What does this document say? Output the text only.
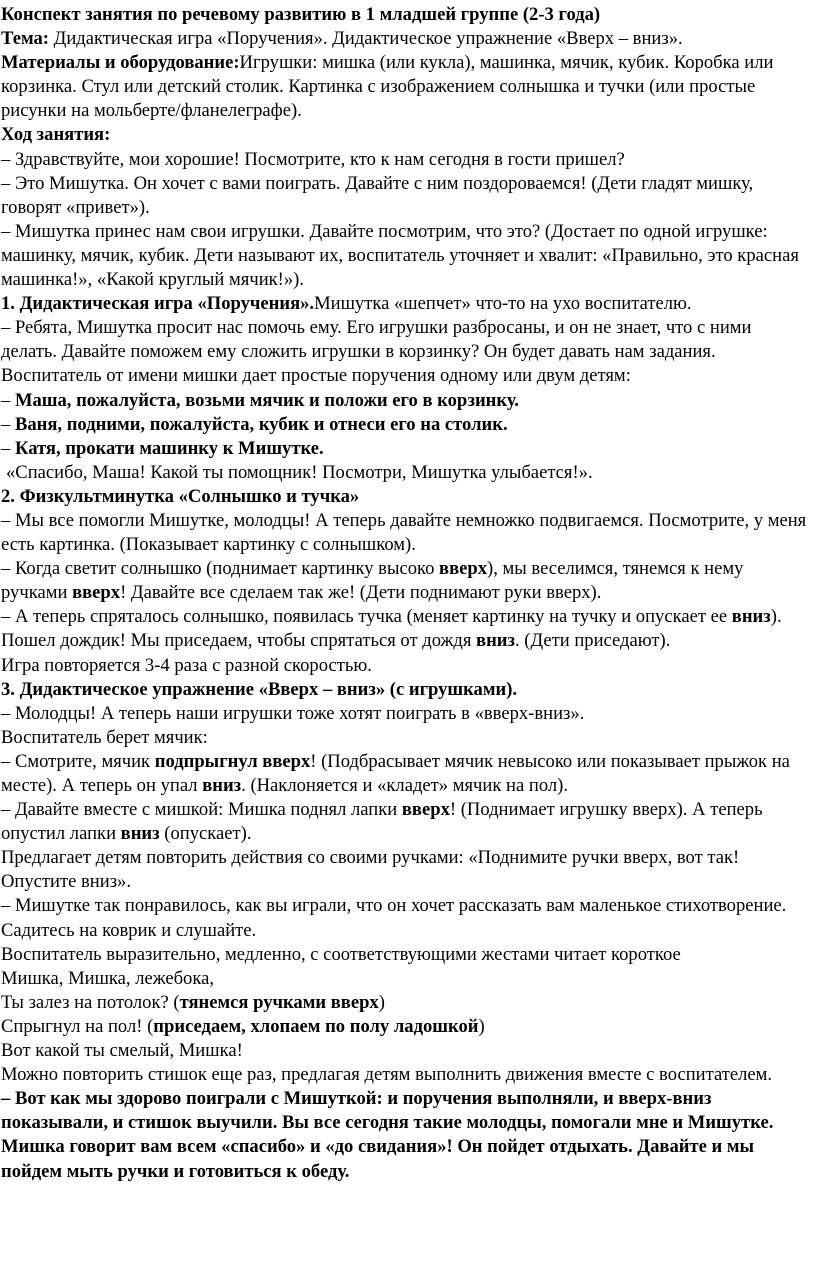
Конспект занятия по речевому развитию в 1 младшей группе (2-3 года)

Тема: Дидактическая игра «Поручения». Дидактическое упражнение «Вверх – вниз».

Материалы и оборудование:Игрушки: мишка (или кукла), машинка, мячик, кубик. Коробка или корзинка. Стул или детский столик. Картинка с изображением солнышка и тучки (или простые рисунки на мольберте/фланелеграфе).

Ход занятия:

– Здравствуйте, мои хорошие! Посмотрите, кто к нам сегодня в гости пришел?

– Это Мишутка. Он хочет с вами поиграть. Давайте с ним поздороваемся! (Дети гладят мишку, говорят «привет»).

– Мишутка принес нам свои игрушки. Давайте посмотрим, что это? (Достает по одной игрушке: машинку, мячик, кубик. Дети называют их, воспитатель уточняет и хвалит: «Правильно, это красная машинка!», «Какой круглый мячик!»).

1. Дидактическая игра «Поручения».Мишутка «шепчет» что-то на ухо воспитателю.

– Ребята, Мишутка просит нас помочь ему. Его игрушки разбросаны, и он не знает, что с ними делать. Давайте поможем ему сложить игрушки в корзинку? Он будет давать нам задания.

Воспитатель от имени мишки дает простые поручения одному или двум детям:

– Маша, пожалуйста, возьми мячик и положи его в корзинку.

– Ваня, подними, пожалуйста, кубик и отнеси его на столик.

– Катя, прокати машинку к Мишутке.

«Спасибо, Маша! Какой ты помощник! Посмотри, Мишутка улыбается!».

2. Физкультминутка «Солнышко и тучка»

– Мы все помогли Мишутке, молодцы! А теперь давайте немножко подвигаемся. Посмотрите, у меня есть картинка. (Показывает картинку с солнышком).

– Когда светит солнышко (поднимает картинку высоко вверх), мы веселимся, тянемся к нему ручками вверх! Давайте все сделаем так же! (Дети поднимают руки вверх).

– А теперь спряталось солнышко, появилась тучка (меняет картинку на тучку и опускает ее вниз). Пошел дождик! Мы приседаем, чтобы спрятаться от дождя вниз. (Дети приседают).

Игра повторяется 3-4 раза с разной скоростью.

3. Дидактическое упражнение «Вверх – вниз» (с игрушками).

– Молодцы! А теперь наши игрушки тоже хотят поиграть в «вверх-вниз».

Воспитатель берет мячик:

– Смотрите, мячик подпрыгнул вверх! (Подбрасывает мячик невысоко или показывает прыжок на месте). А теперь он упал вниз. (Наклоняется и «кладет» мячик на пол).

– Давайте вместе с мишкой: Мишка поднял лапки вверх! (Поднимает игрушку вверх). А теперь опустил лапки вниз (опускает).

Предлагает детям повторить действия со своими ручками: «Поднимите ручки вверх, вот так! Опустите вниз».

– Мишутке так понравилось, как вы играли, что он хочет рассказать вам маленькое стихотворение. Садитесь на коврик и слушайте.

Воспитатель выразительно, медленно, с соответствующими жестами читает короткое

Мишка, Мишка, лежебока,

Ты залез на потолок? (тянемся ручками вверх)

Спрыгнул на пол! (приседаем, хлопаем по полу ладошкой)

Вот какой ты смелый, Мишка!

Можно повторить стишок еще раз, предлагая детям выполнить движения вместе с воспитателем.

– Вот как мы здорово поиграли с Мишуткой: и поручения выполняли, и вверх-вниз показывали, и стишок выучили. Вы все сегодня такие молодцы, помогали мне и Мишутке. Мишка говорит вам всем «спасибо» и «до свидания»! Он пойдет отдыхать. Давайте и мы пойдем мыть ручки и готовиться к обеду.
